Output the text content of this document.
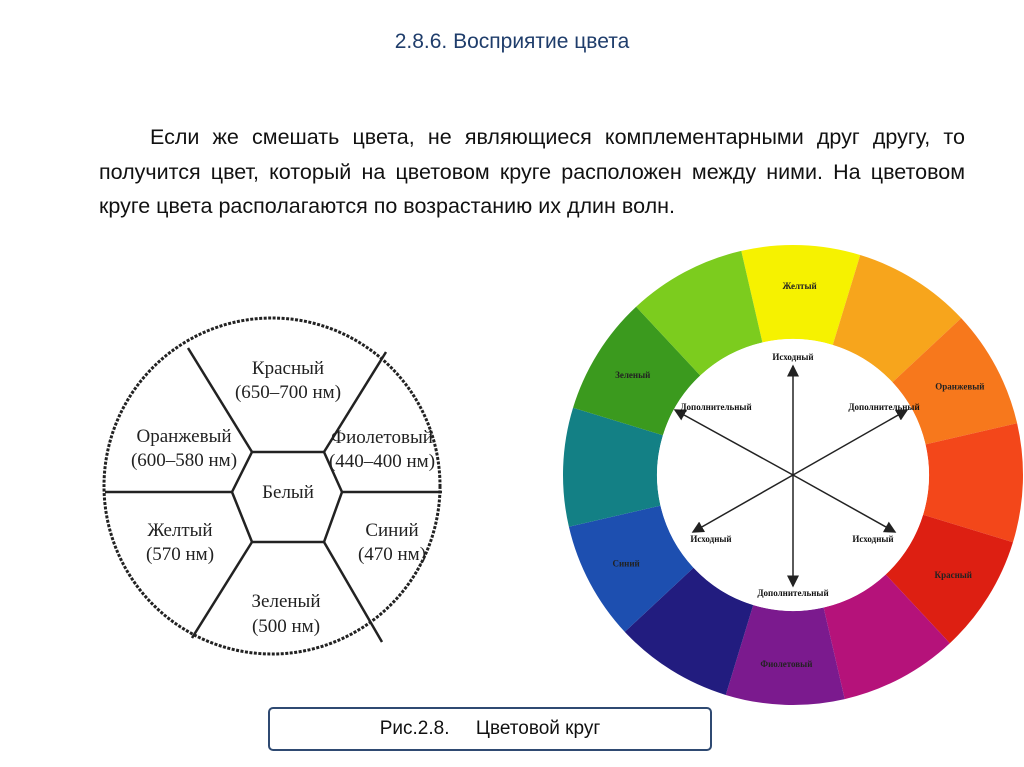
2.8.6. Восприятие цвета

Если же смешать цвета, не являющиеся комплементарными друг другу, то получится цвет, который на цветовом круге расположен между ними. На цветовом круге цвета располагаются по возрастанию их длин волн.

Красный
(650–700 нм)
Фиолетовый
(440–400 нм)
Синий
(470 нм)
Зеленый
(500 нм)
Желтый
(570 нм)
Оранжевый
(600–580 нм)
Белый
Желтый
Оранжевый
Красный
Фиолетовый
Синий
Зеленый
Исходный
Дополнительный	Дополнительный
Исходный	Исходный
Дополнительный
Рис.2.8.
Цветовой круг
